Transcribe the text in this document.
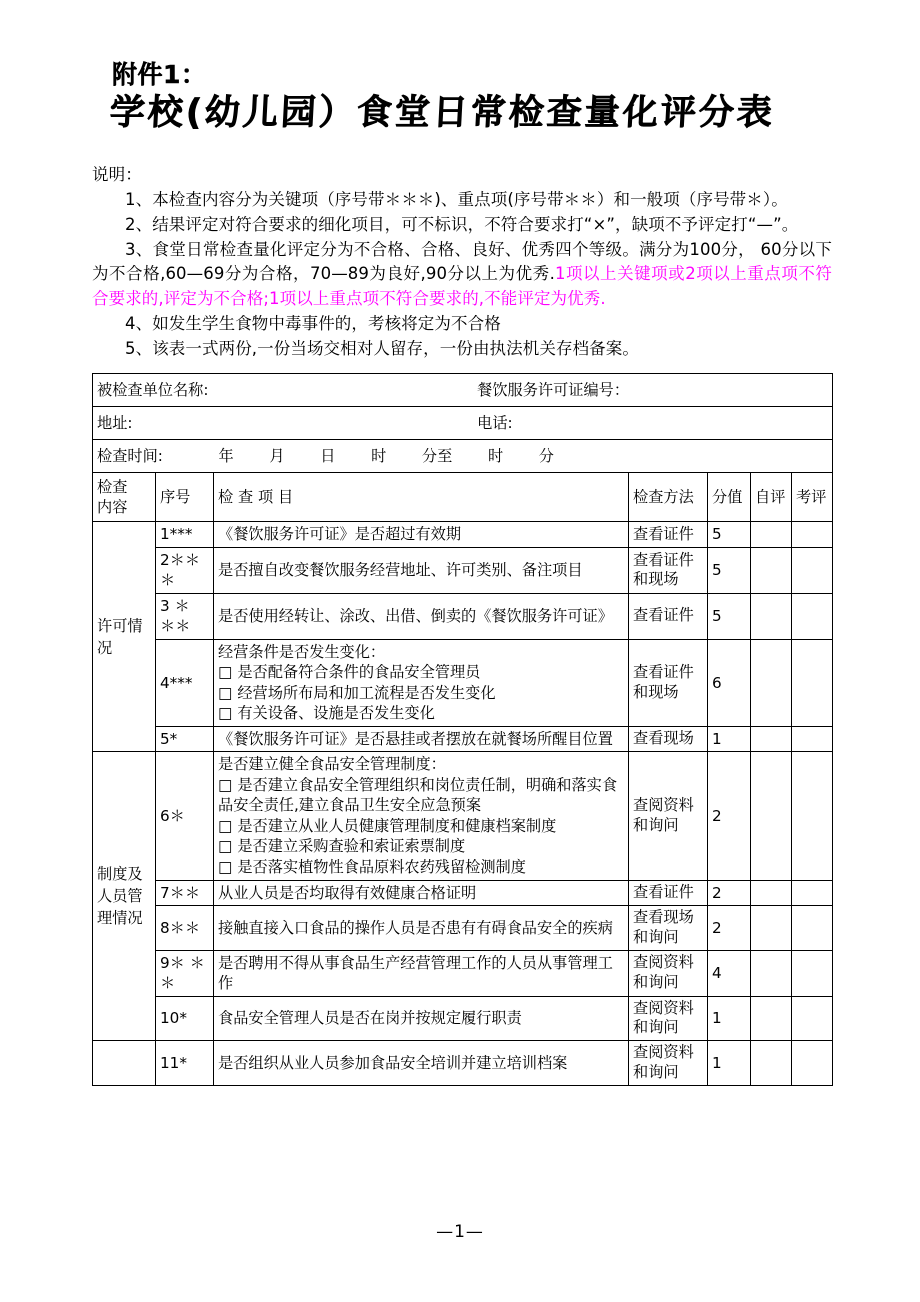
附件1：
学校(幼儿园）食堂日常检查量化评分表

说明：

1、本检查内容分为关键项（序号带＊＊＊)、重点项(序号带＊＊）和一般项（序号带＊）。

2、结果评定对符合要求的细化项目，可不标识，不符合要求打“×”，缺项不予评定打“—”。

3、食堂日常检查量化评定分为不合格、合格、良好、优秀四个等级。满分为100分， 60分以下为不合格,60—69分为合格，70—89为良好,90分以上为优秀.1项以上关键项或2项以上重点项不符合要求的,评定为不合格;1项以上重点项不符合要求的,不能评定为优秀.

4、如发生学生食物中毒事件的，考核将定为不合格

5、该表一式两份,一份当场交相对人留存，一份由执法机关存档备案。

被检查单位名称: 餐饮服务许可证编号：						

地址: 电话:						

检查时间: 年 月 日 时 分至 时 分						

检查
内容	序号	检 查 项 目	检查方法	分值	自评	考评

许可情
况	1***	《餐饮服务许可证》是否超过有效期	查看证件	5		
	2＊＊＊	是否擅自改变餐饮服务经营地址、许可类别、备注项目	查看证件
和现场	5		
	3 ＊ ＊＊	是否使用经转让、涂改、出借、倒卖的《餐饮服务许可证》	查看证件	5		
	4***	经营条件是否发生变化：
□ 是否配备符合条件的食品安全管理员
□ 经营场所布局和加工流程是否发生变化
□ 有关设备、设施是否发生变化	查看证件
和现场	6		
	5*	《餐饮服务许可证》是否悬挂或者摆放在就餐场所醒目位置	查看现场	1		

制度及
人员管
理情况	6＊	是否建立健全食品安全管理制度：
□ 是否建立食品安全管理组织和岗位责任制，明确和落实食品安全责任,建立食品卫生安全应急预案
□ 是否建立从业人员健康管理制度和健康档案制度
□ 是否建立采购查验和索证索票制度
□ 是否落实植物性食品原料农药残留检测制度	查阅资料
和询问	2		
	7＊＊	从业人员是否均取得有效健康合格证明	查看证件	2		
	8＊＊	接触直接入口食品的操作人员是否患有有碍食品安全的疾病	查看现场
和询问	2		
	9＊ ＊＊	是否聘用不得从事食品生产经营管理工作的人员从事管理工作	查阅资料
和询问	4		
	10*	食品安全管理人员是否在岗并按规定履行职责	查阅资料
和询问	1		
	11*	是否组织从业人员参加食品安全培训并建立培训档案	查阅资料
和询问	1		
—1—
